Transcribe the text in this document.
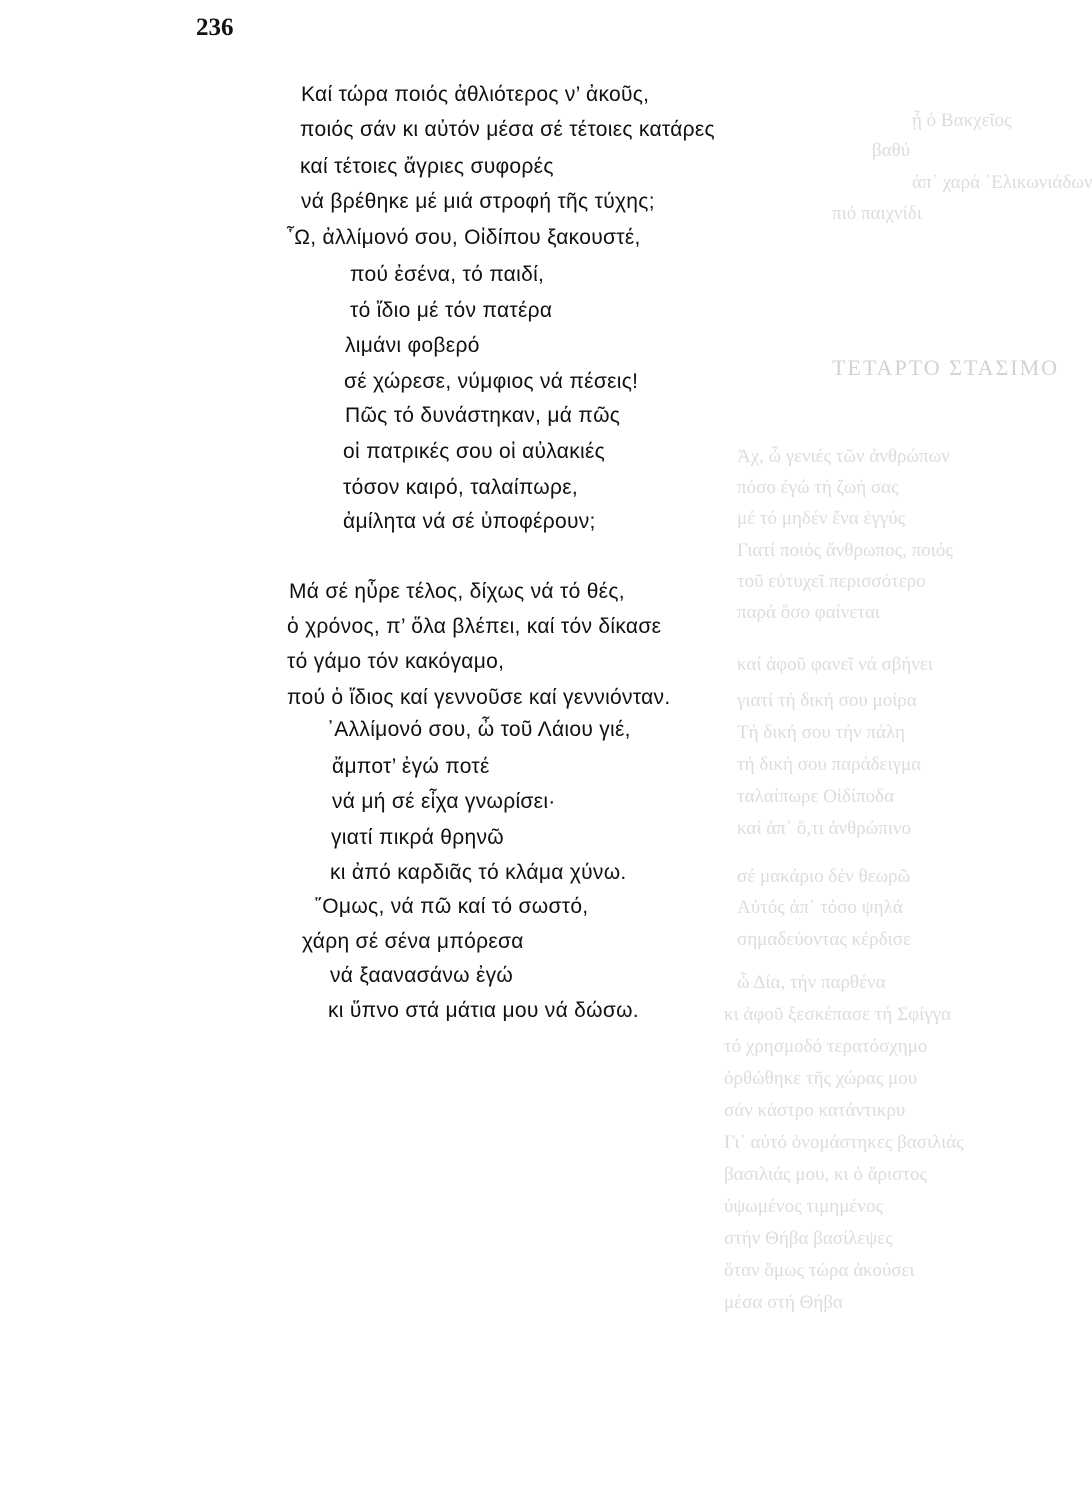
ᾗ ὁ Βακχεῖος
βαθύ
ἀπ᾽ χαρά ᾿Ελικωνιάδων
πιό παιχνίδι
ΤΕΤΑΡΤΟ ΣΤΑΣΙΜΟ
Ἀχ, ὦ γενιές τῶν ἀνθρώπων
πόσο ἐγώ τή ζωή σας
μέ τό μηδέν ἔνα ἐγγύς
Γιατί ποιός ἄνθρωπος, ποιός
τοῦ εὐτυχεῖ περισσότερο
παρά ὅσο φαίνεται
καί ἀφοῦ φανεῖ νά σβήνει
γιατί τή δική σου μοίρα
Τή δική σου τήν πάλη
τή δική σου παράδειγμα
ταλαίπωρε Οἰδίποδα
καί ἀπ᾽ ὅ,τι ἀνθρώπινο
σέ μακάριο δέν θεωρῶ
Αὐτός ἀπ᾽ τόσο ψηλά
σημαδεύοντας κέρδισε
ὦ Δία, τήν παρθένα
κι ἀφοῦ ξεσκέπασε τή Σφίγγα
τό χρησμοδό τερατόσχημο
ὀρθώθηκε τῆς χώρας μου
σάν κάστρο κατάντικρυ
Γι᾽ αὐτό ὀνομάστηκες βασιλιάς
βασιλιάς μου, κι ὁ ἄριστος
ὑψωμένος τιμημένος
στήν Θήβα βασίλεψες
ὅταν ὅμως τώρα ἀκούσει
μέσα στή Θήβα
236
Καί τώρα ποιός ἀθλιότερος ν’ ἀκοῦς,
ποιός σάν κι αὐτόν μέσα σέ τέτοιες κατάρες
καί τέτοιες ἄγριες συφορές
νά βρέθηκε μέ μιά στροφή τῆς τύχης;
῟Ω, ἀλλίμονό σου, Οἰδίπου ξακουστέ,
πού ἐσένα, τό παιδί,
τό ἴδιο μέ τόν πατέρα
λιμάνι φοβερό
σέ χώρεσε, νύμφιος νά πέσεις!
Πῶς τό δυνάστηκαν, μά πῶς
οἱ πατρικές σου οἱ αὐλακιές
τόσον καιρό, ταλαίπωρε,
ἀμίλητα νά σέ ὑποφέρουν;
Μά σέ ηὗρε τέλος, δίχως νά τό θές,
ὁ χρόνος, π’ ὅλα βλέπει, καί τόν δίκασε
τό γάμο τόν κακόγαμο,
πού ὁ ἴδιος καί γεννοῦσε καί γεννιόνταν.
᾽Αλλίμονό σου, ὦ τοῦ Λάιου γιέ,
ἄμποτ’ ἐγώ ποτέ
νά μή σέ εἶχα γνωρίσει·
γιατί πικρά θρηνῶ
κι ἀπό καρδιᾶς τό κλάμα χύνω.
῞Ομως, νά πῶ καί τό σωστό,
χάρη σέ σένα μπόρεσα
νά ξαανασάνω ἐγώ
κι ὕπνο στά μάτια μου νά δώσω.
